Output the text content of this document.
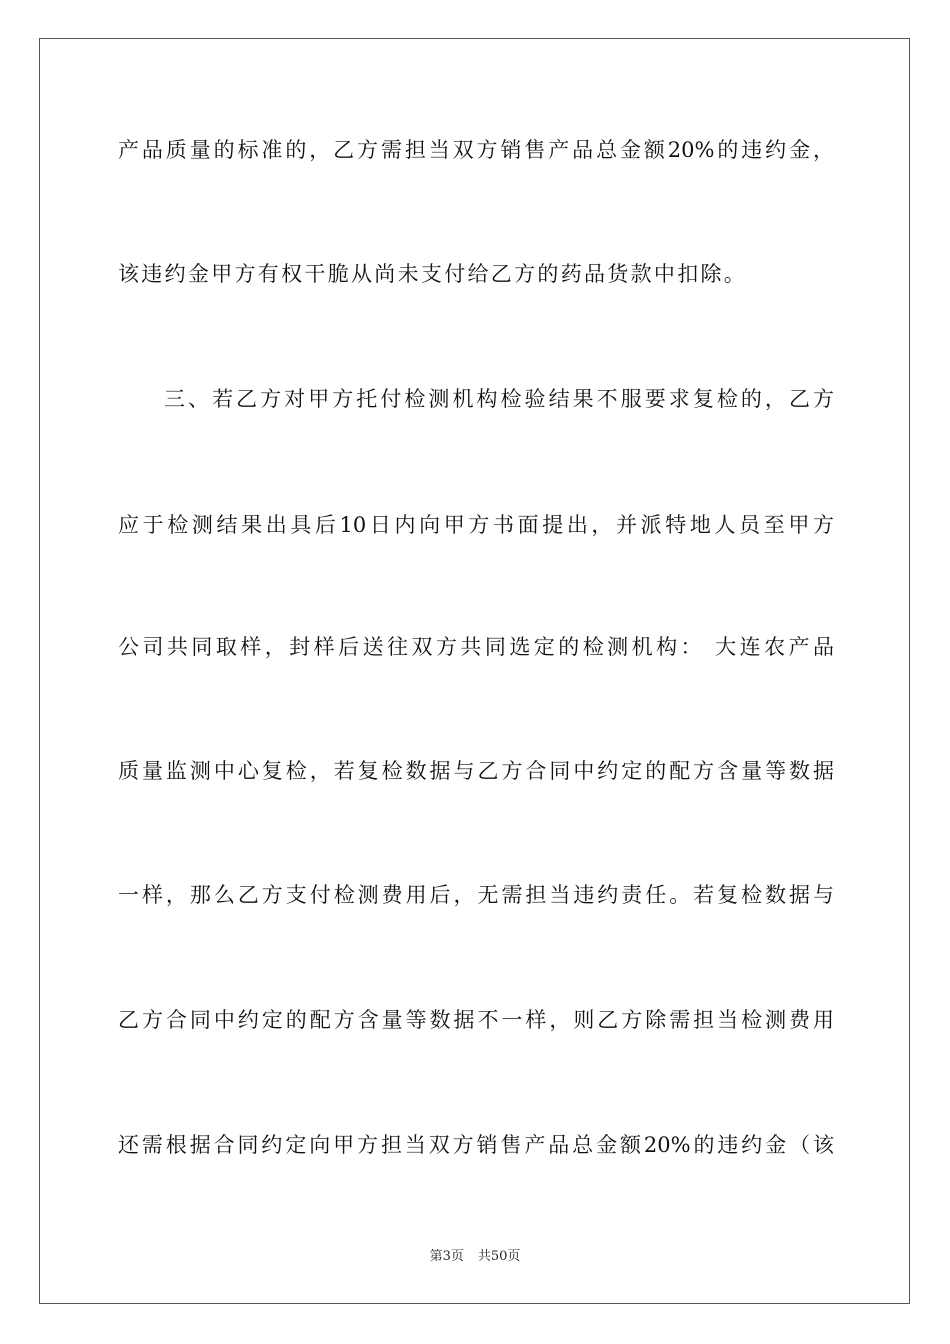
产品质量的标准的，乙方需担当双方销售产品总金额20%的违约金，
该违约金甲方有权干脆从尚未支付给乙方的药品货款中扣除。
三、若乙方对甲方托付检测机构检验结果不服要求复检的，乙方
应于检测结果出具后10日内向甲方书面提出，并派特地人员至甲方
公司共同取样，封样后送往双方共同选定的检测机构： 大连农产品
质量监测中心复检，若复检数据与乙方合同中约定的配方含量等数据
一样，那么乙方支付检测费用后，无需担当违约责任。若复检数据与
乙方合同中约定的配方含量等数据不一样，则乙方除需担当检测费用
还需根据合同约定向甲方担当双方销售产品总金额20%的违约金（该
第3页 共50页
